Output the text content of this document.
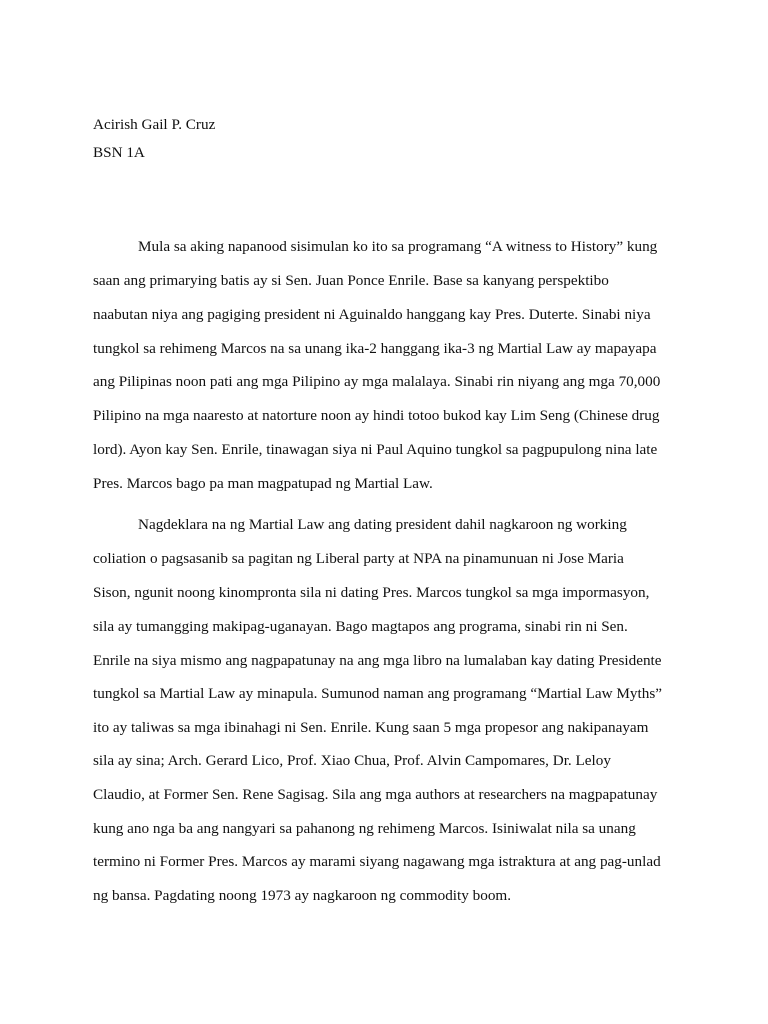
Acirish Gail P. Cruz
BSN 1A
Mula sa aking napanood sisimulan ko ito sa programang “A witness to History” kung
saan ang primarying batis ay si Sen. Juan Ponce Enrile. Base sa kanyang perspektibo
naabutan niya ang pagiging president ni Aguinaldo hanggang kay Pres. Duterte. Sinabi niya
tungkol sa rehimeng Marcos na sa unang ika-2 hanggang ika-3 ng Martial Law ay mapayapa
ang Pilipinas noon pati ang mga Pilipino ay mga malalaya. Sinabi rin niyang ang mga 70,000
Pilipino na mga naaresto at natorture noon ay hindi totoo bukod kay Lim Seng (Chinese drug
lord). Ayon kay Sen. Enrile, tinawagan siya ni Paul Aquino tungkol sa pagpupulong nina late
Pres. Marcos bago pa man magpatupad ng Martial Law.
Nagdeklara na ng Martial Law ang dating president dahil nagkaroon ng working
coliation o pagsasanib sa pagitan ng Liberal party at NPA na pinamunuan ni Jose Maria
Sison, ngunit noong kinompronta sila ni dating Pres. Marcos tungkol sa mga impormasyon,
sila ay tumangging makipag-uganayan. Bago magtapos ang programa, sinabi rin ni Sen.
Enrile na siya mismo ang nagpapatunay na ang mga libro na lumalaban kay dating Presidente
tungkol sa Martial Law ay minapula. Sumunod naman ang programang “Martial Law Myths”
ito ay taliwas sa mga ibinahagi ni Sen. Enrile. Kung saan 5 mga propesor ang nakipanayam
sila ay sina; Arch. Gerard Lico, Prof. Xiao Chua, Prof. Alvin Campomares, Dr. Leloy
Claudio, at Former Sen. Rene Sagisag. Sila ang mga authors at researchers na magpapatunay
kung ano nga ba ang nangyari sa pahanong ng rehimeng Marcos. Isiniwalat nila sa unang
termino ni Former Pres. Marcos ay marami siyang nagawang mga istraktura at ang pag-unlad
ng bansa. Pagdating noong 1973 ay nagkaroon ng commodity boom.
